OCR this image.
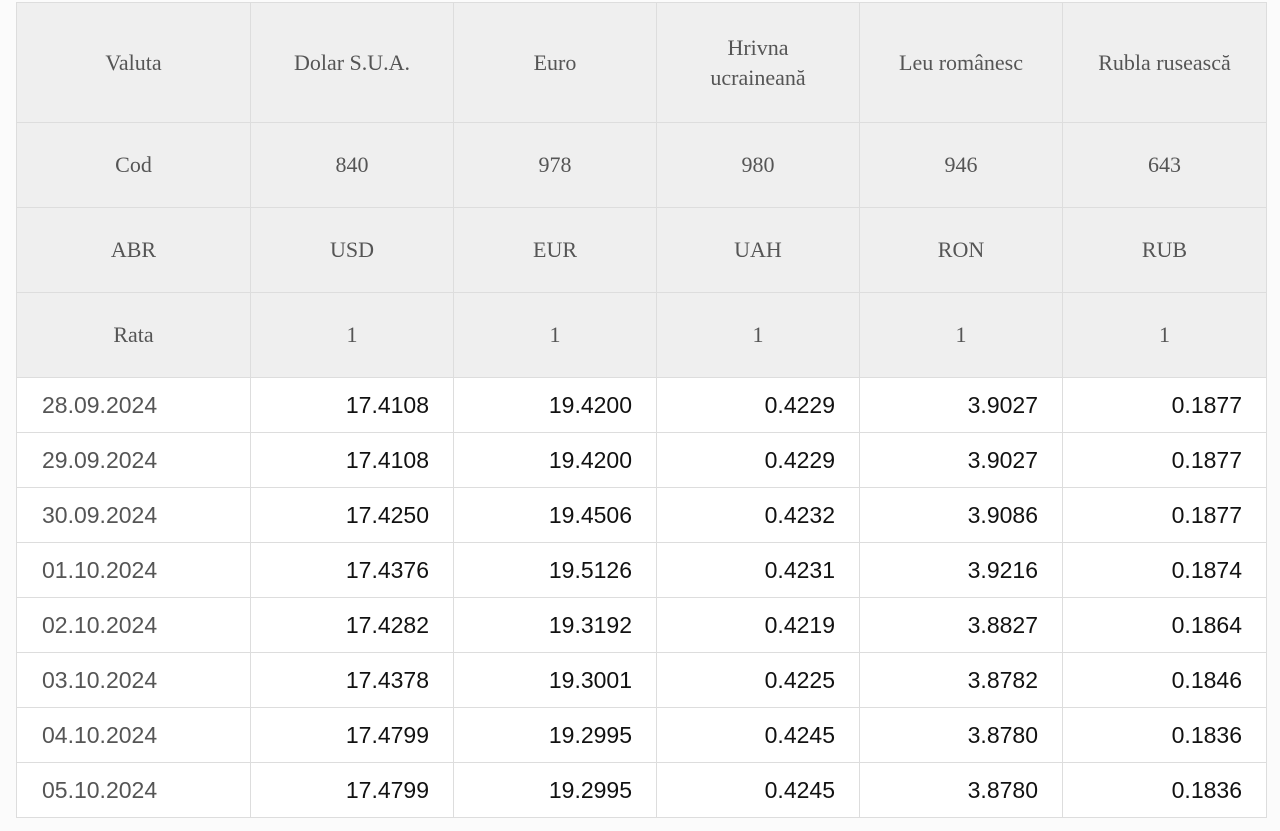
Valuta	Dolar S.U.A.	Euro	Hrivna ucraineană	Leu românesc	Rubla rusească
Cod	840	978	980	946	643
ABR	USD	EUR	UAH	RON	RUB
Rata	1	1	1	1	1
28.09.2024	17.4108	19.4200	0.4229	3.9027	0.1877
29.09.2024	17.4108	19.4200	0.4229	3.9027	0.1877
30.09.2024	17.4250	19.4506	0.4232	3.9086	0.1877
01.10.2024	17.4376	19.5126	0.4231	3.9216	0.1874
02.10.2024	17.4282	19.3192	0.4219	3.8827	0.1864
03.10.2024	17.4378	19.3001	0.4225	3.8782	0.1846
04.10.2024	17.4799	19.2995	0.4245	3.8780	0.1836
05.10.2024	17.4799	19.2995	0.4245	3.8780	0.1836
